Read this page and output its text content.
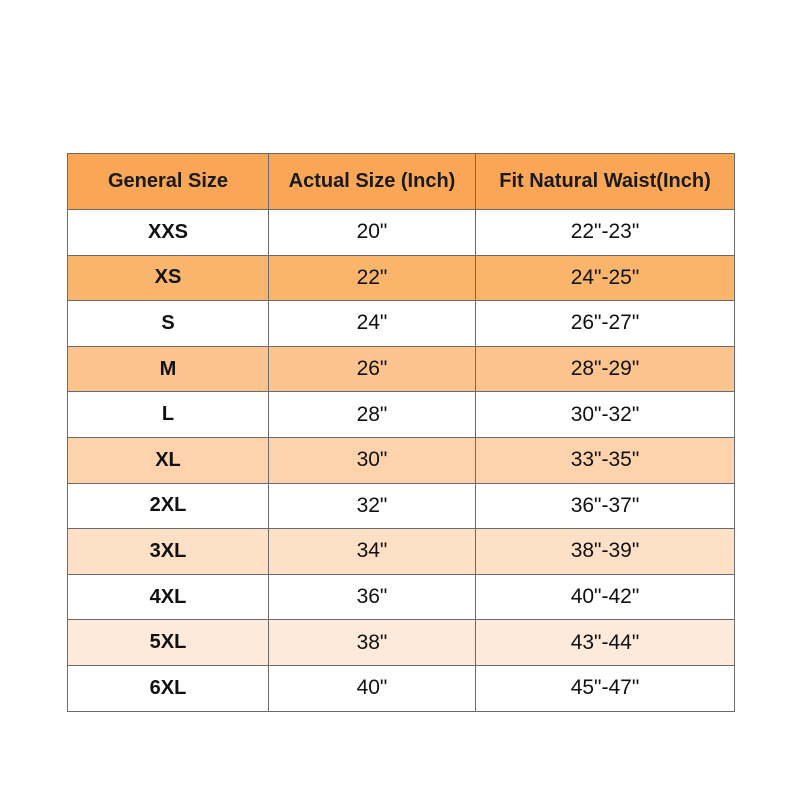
General Size	Actual Size (Inch)	Fit Natural Waist(Inch)
XXS	20"	22"-23"
XS	22"	24"-25"
S	24"	26"-27"
M	26"	28"-29"
L	28"	30"-32"
XL	30"	33"-35"
2XL	32"	36"-37"
3XL	34"	38"-39"
4XL	36"	40"-42"
5XL	38"	43"-44"
6XL	40"	45"-47"
